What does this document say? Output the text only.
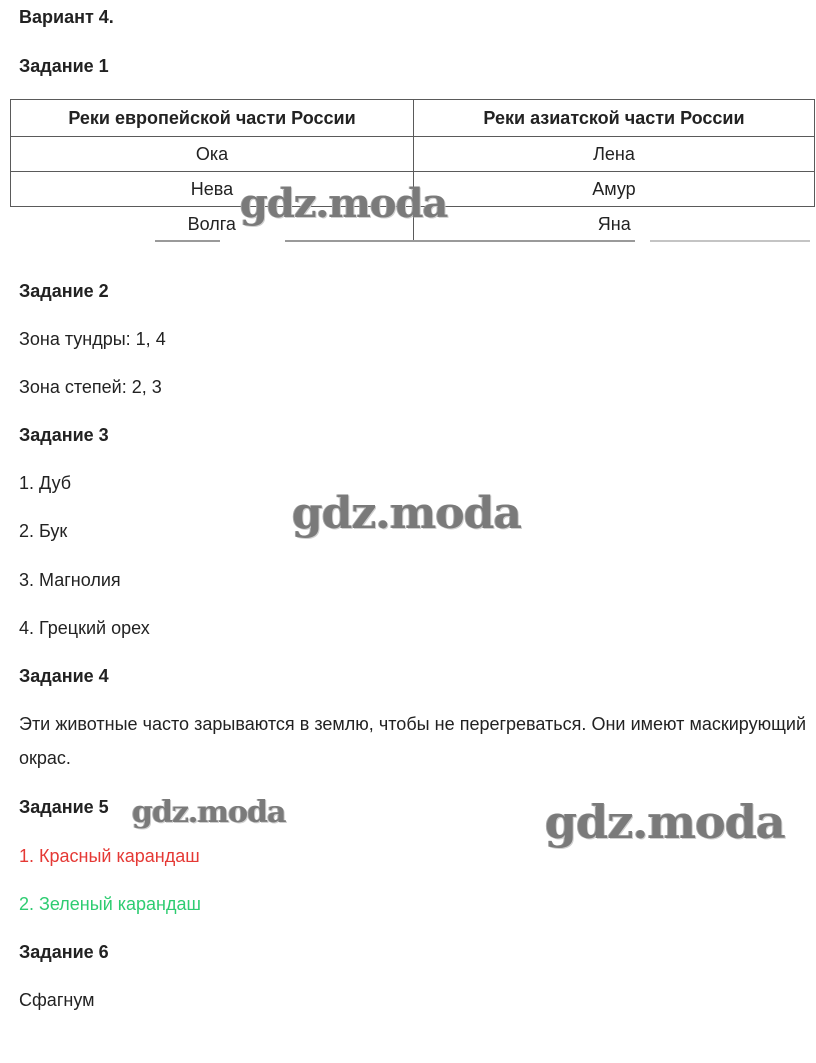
Вариант 4.
Задание 1
Реки европейской части России	Реки азиатской части России
Ока	Лена
Нева	Амур
Волга	Яна
gdz.moda
Задание 2
Зона тундры: 1, 4
Зона степей: 2, 3
Задание 3
1. Дуб
2. Бук
3. Магнолия
4. Грецкий орех
gdz.moda
Задание 4
Эти животные часто зарываются в землю, чтобы не перегреваться. Они имеют маскирующий окрас.
Задание 5 gdz.moda	gdz.moda
1. Красный карандаш
2. Зеленый карандаш
Задание 6
Сфагнум
